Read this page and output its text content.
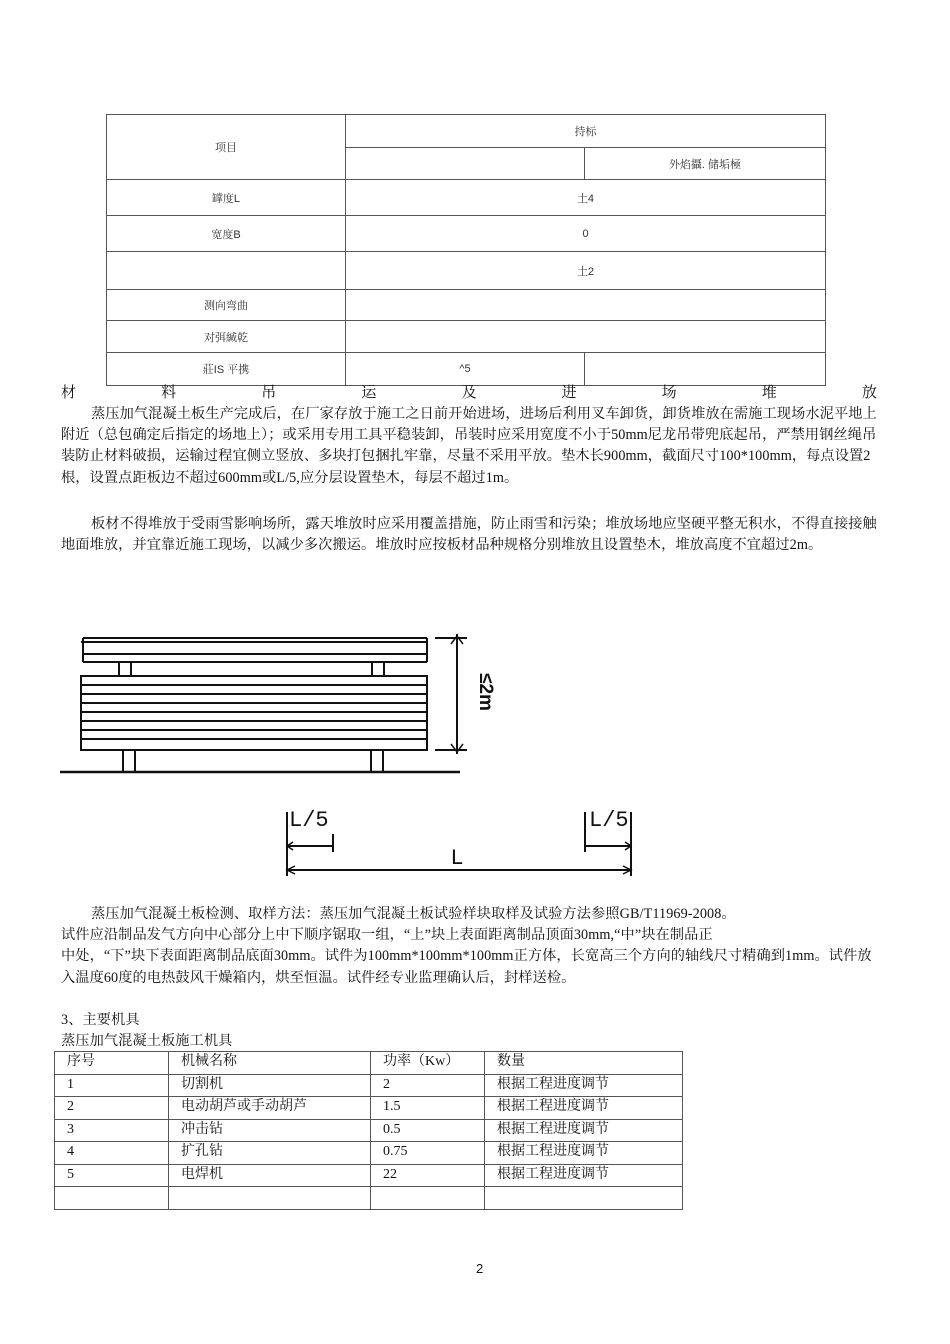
项目	持标	
		外焰攝. 储垢極
罉度L	土4	
宽度B	0	
	土2	
测向弯曲		
对弭緘乾		
莊IS 平携	^5	
材	料	吊	运	及	进	场	堆	放

蒸压加气混凝土板生产完成后，在厂家存放于施工之日前开始进场，进场后利用叉车卸货，卸货堆放在需施工现场水泥平地上附近（总包确定后指定的场地上）；或采用专用工具平稳装卸，吊装时应采用宽度不小于50mm尼龙吊带兜底起吊，严禁用钢丝绳吊装防止材料破损，运输过程宜侧立竖放、多块打包捆扎牢靠，尽量不采用平放。垫木长900mm，截面尺寸100*100mm，每点设置2根，设置点距板边不超过600mm或L/5,应分层设置垫木，每层不超过1m。

板材不得堆放于受雨雪影响场所，露天堆放时应采用覆盖措施，防止雨雪和污染；堆放场地应坚硬平整无积水，不得直接接触地面堆放，并宜靠近施工现场，以减少多次搬运。堆放时应按板材品种规格分别堆放且设置垫木，堆放高度不宜超过2m。

≤2m
L/5	L/5
L
蒸压加气混凝土板检测、取样方法：蒸压加气混凝土板试验样块取样及试验方法参照GB/T11969-2008。
试件应沿制品发气方向中心部分上中下顺序锯取一组，“上”块上表面距离制品顶面30mm,“中”块在制品正
中处，“下”块下表面距离制品底面30mm。试件为100mm*100mm*100mm正方体，长宽高三个方向的轴线尺寸精确到1mm。试件放入温度60度的电热鼓风干燥箱内，烘至恒温。试件经专业监理确认后，封样送检。
3、主要机具
蒸压加气混凝土板施工机具
序号	机械名称	功率（Kw）	数量
1	切割机	2	根据工程进度调节
2	电动胡芦或手动胡芦	1.5	根据工程进度调节
3	冲击钻	0.5	根据工程进度调节
4	扩孔钻	0.75	根据工程进度调节
5	电焊机	22	根据工程进度调节

2
